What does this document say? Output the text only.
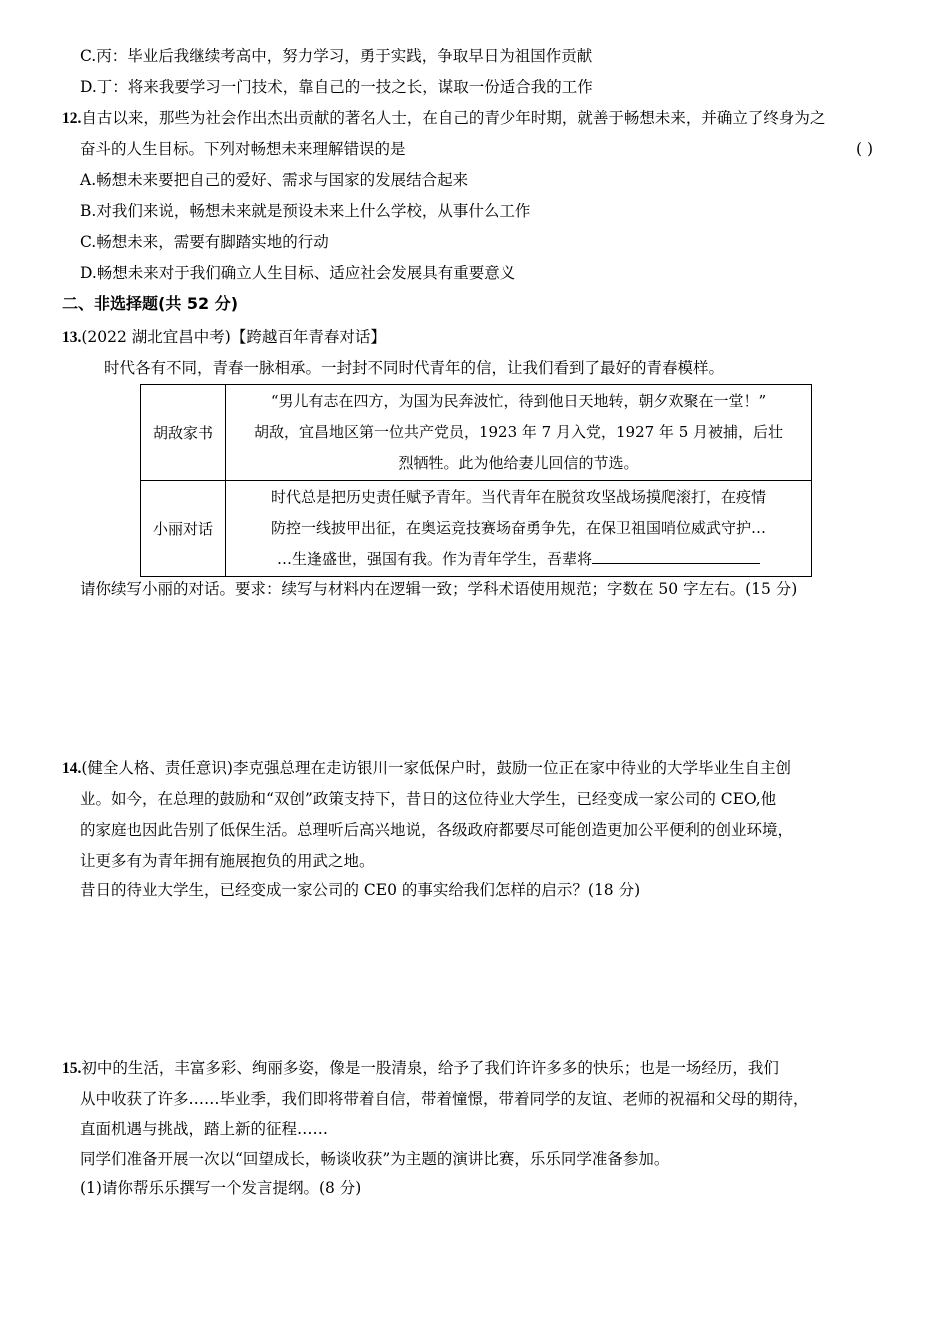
C.丙：毕业后我继续考高中，努力学习，勇于实践，争取早日为祖国作贡献
D.丁：将来我要学习一门技术，靠自己的一技之长，谋取一份适合我的工作
12.自古以来，那些为社会作出杰出贡献的著名人士，在自己的青少年时期，就善于畅想未来，并确立了终身为之
奋斗的人生目标。下列对畅想未来理解错误的是	( )
A.畅想未来要把自己的爱好、需求与国家的发展结合起来
B.对我们来说，畅想未来就是预设未来上什么学校，从事什么工作
C.畅想未来，需要有脚踏实地的行动
D.畅想未来对于我们确立人生目标、适应社会发展具有重要意义
二、非选择题(共 52 分)
13.(2022 湖北宜昌中考)【跨越百年青春对话】
时代各有不同，青春一脉相承。一封封不同时代青年的信，让我们看到了最好的青春模样。
胡敌家书	“男儿有志在四方，为国为民奔波忙，待到他日天地转，朝夕欢聚在一堂！”
胡敌，宜昌地区第一位共产党员，1923 年 7 月入党，1927 年 5 月被捕，后壮
烈牺牲。此为他给妻儿回信的节选。

小丽对话	时代总是把历史责任赋予青年。当代青年在脱贫攻坚战场摸爬滚打，在疫情
防控一线披甲出征，在奥运竞技赛场奋勇争先，在保卫祖国哨位威武守护…
…生逢盛世，强国有我。作为青年学生，吾辈将
请你续写小丽的对话。要求：续写与材料内在逻辑一致；学科术语使用规范；字数在 50 字左右。(15 分)
14.(健全人格、责任意识)李克强总理在走访银川一家低保户时，鼓励一位正在家中待业的大学毕业生自主创
业。如今，在总理的鼓励和“双创”政策支持下，昔日的这位待业大学生，已经变成一家公司的 CEO,他
的家庭也因此告别了低保生活。总理听后高兴地说，各级政府都要尽可能创造更加公平便利的创业环境，
让更多有为青年拥有施展抱负的用武之地。
昔日的待业大学生，已经变成一家公司的 CE0 的事实给我们怎样的启示？(18 分)
15.初中的生活，丰富多彩、绚丽多姿，像是一股清泉，给予了我们许许多多的快乐；也是一场经历，我们
从中收获了许多……毕业季，我们即将带着自信，带着憧憬，带着同学的友谊、老师的祝福和父母的期待，
直面机遇与挑战，踏上新的征程……
同学们准备开展一次以“回望成长，畅谈收获”为主题的演讲比赛，乐乐同学准备参加。
(1)请你帮乐乐撰写一个发言提纲。(8 分)
